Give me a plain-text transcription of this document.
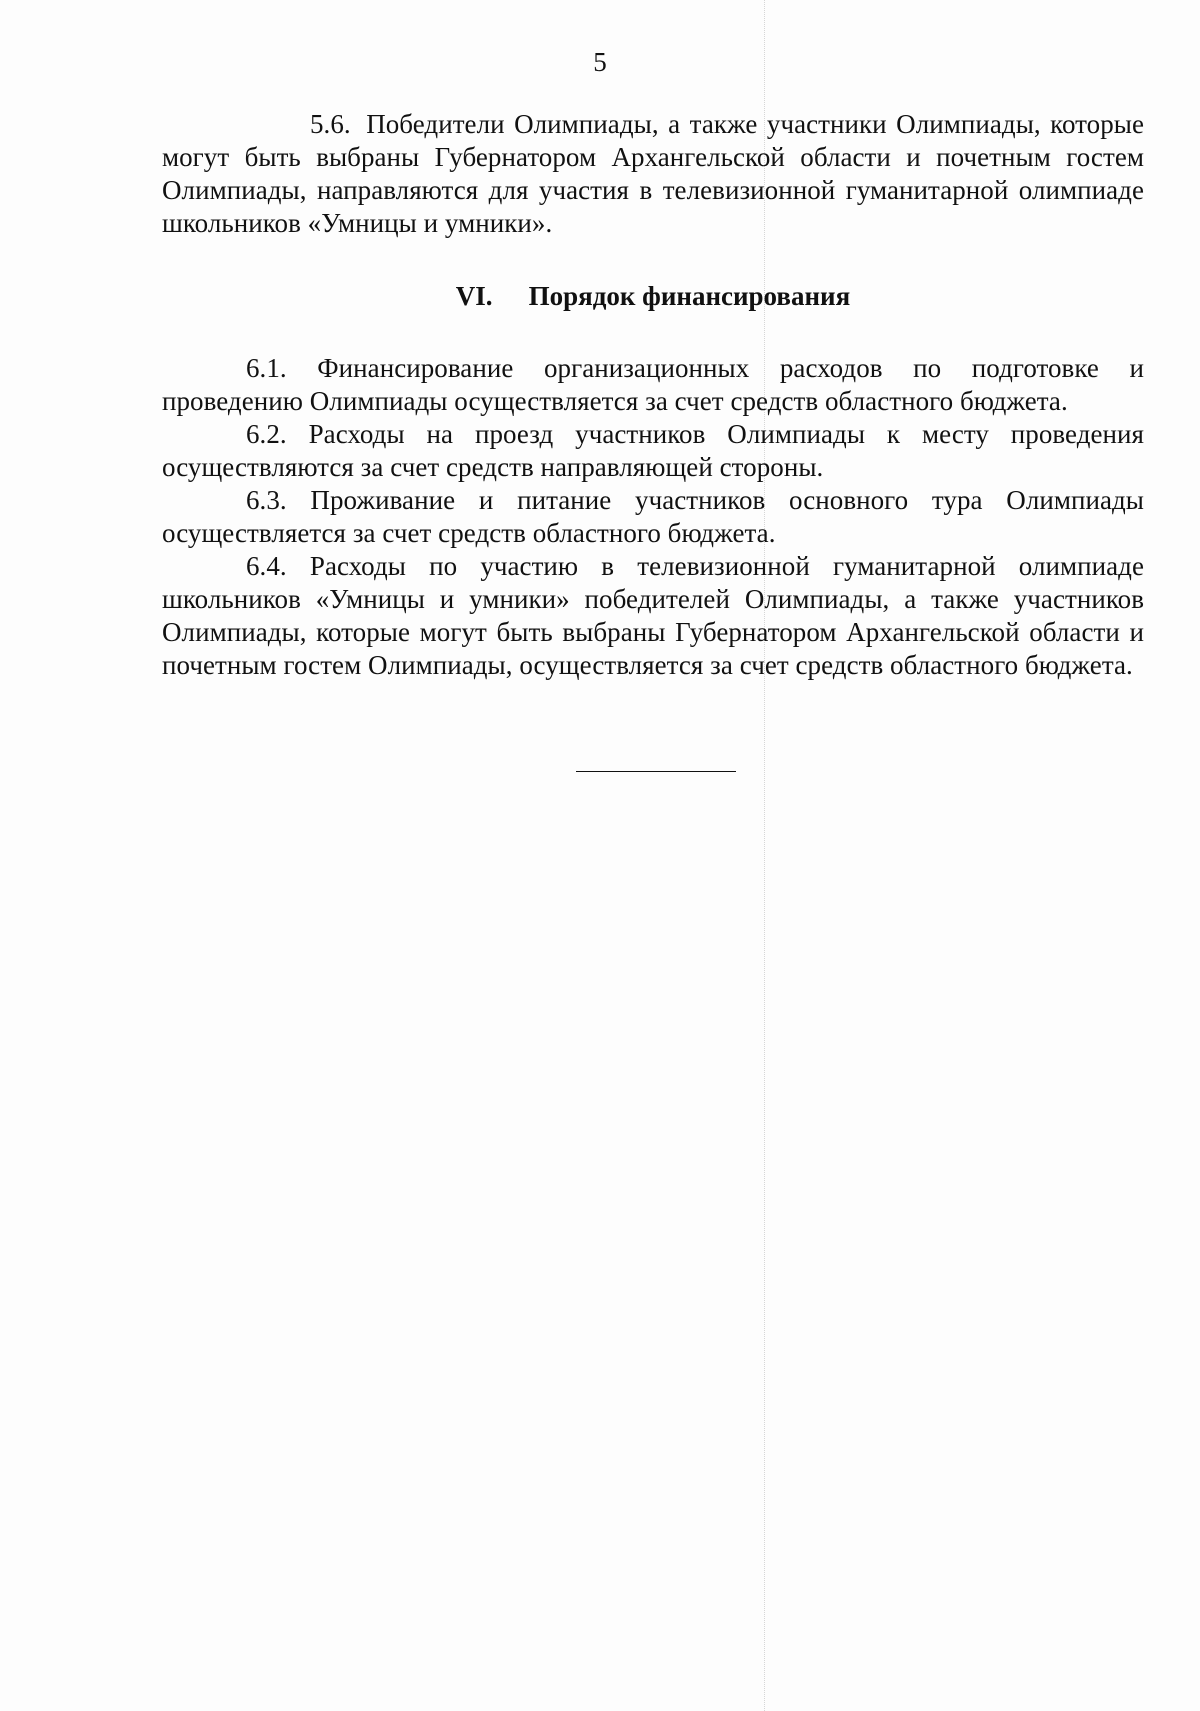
5

5.6. Победители Олимпиады, а также участники Олимпиады, которые могут быть выбраны Губернатором Архангельской области и почетным гостем Олимпиады, направляются для участия в телевизионной гуманитарной олимпиаде школьников «Умницы и умники».

VI. Порядок финансирования

6.1. Финансирование организационных расходов по подготовке и проведению Олимпиады осуществляется за счет средств областного бюджета.

6.2. Расходы на проезд участников Олимпиады к месту проведения осуществляются за счет средств направляющей стороны.

6.3. Проживание и питание участников основного тура Олимпиады осуществляется за счет средств областного бюджета.

6.4. Расходы по участию в телевизионной гуманитарной олимпиаде школьников «Умницы и умники» победителей Олимпиады, а также участников Олимпиады, которые могут быть выбраны Губернатором Архангельской области и почетным гостем Олимпиады, осуществляется за счет средств областного бюджета.
